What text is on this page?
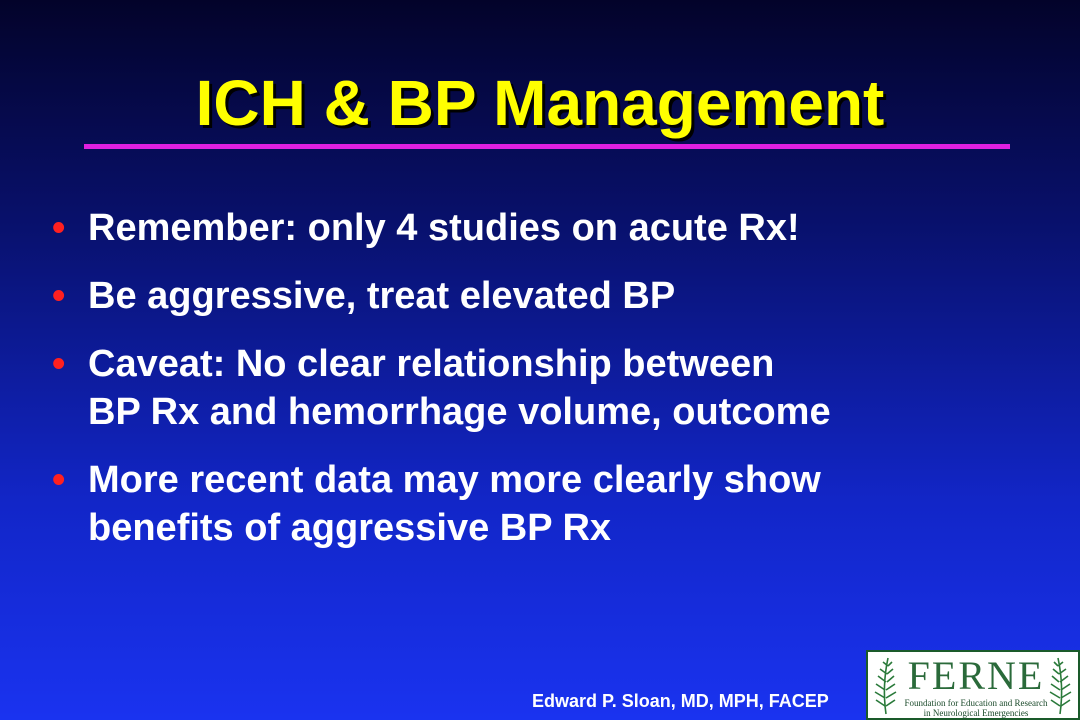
ICH & BP Management
• Remember: only 4 studies on acute Rx!
• Be aggressive, treat elevated BP
• Caveat: No clear relationship between
BP Rx and hemorrhage volume, outcome
• More recent data may more clearly show
benefits of aggressive BP Rx
Edward P. Sloan, MD, MPH, FACEP
FERNE
Foundation for Education and Research
in Neurological Emergencies
